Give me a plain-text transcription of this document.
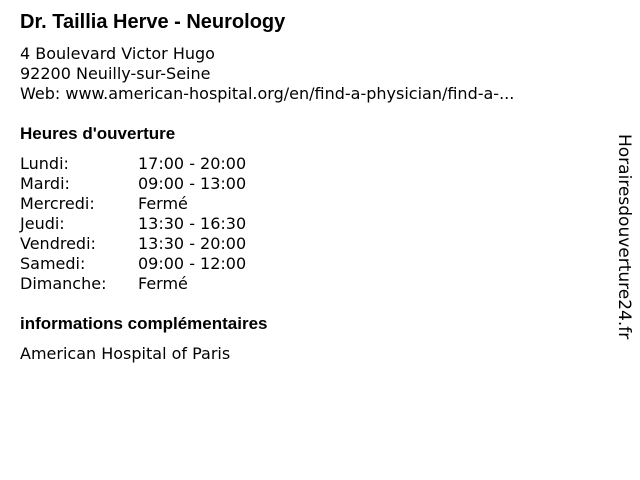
Dr. Taillia Herve - Neurology
4 Boulevard Victor Hugo
92200 Neuilly-sur-Seine
Web: www.american-hospital.org/en/find-a-physician/find-a-...
Heures d'ouverture
Lundi:	17:00 - 20:00
Mardi:	09:00 - 13:00
Mercredi:	Fermé
Jeudi:	13:30 - 16:30
Vendredi:	13:30 - 20:00
Samedi:	09:00 - 12:00
Dimanche:	Fermé
informations complémentaires
American Hospital of Paris
Horairesdouverture24.fr
